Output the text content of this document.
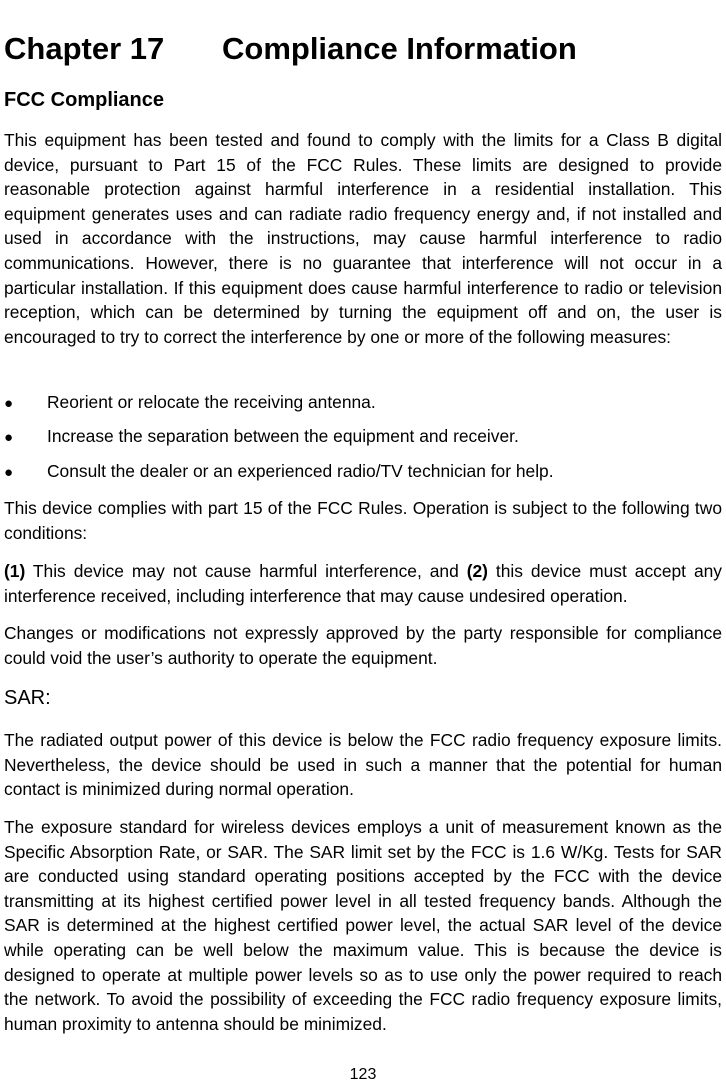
Chapter 17 Compliance Information
FCC Compliance
This equipment has been tested and found to comply with the limits for a Class B digital device, pursuant to Part 15 of the FCC Rules. These limits are designed to provide reasonable protection against harmful interference in a residential installation. This equipment generates uses and can radiate radio frequency energy and, if not installed and used in accordance with the instructions, may cause harmful interference to radio communications. However, there is no guarantee that interference will not occur in a particular installation. If this equipment does cause harmful interference to radio or television reception, which can be determined by turning the equipment off and on, the user is encouraged to try to correct the interference by one or more of the following measures:
● Reorient or relocate the receiving antenna.
● Increase the separation between the equipment and receiver.
● Consult the dealer or an experienced radio/TV technician for help.
This device complies with part 15 of the FCC Rules. Operation is subject to the following two conditions:
(1) This device may not cause harmful interference, and (2) this device must accept any interference received, including interference that may cause undesired operation.
Changes or modifications not expressly approved by the party responsible for compliance could void the user’s authority to operate the equipment.
SAR:
The radiated output power of this device is below the FCC radio frequency exposure limits. Nevertheless, the device should be used in such a manner that the potential for human contact is minimized during normal operation.
The exposure standard for wireless devices employs a unit of measurement known as the Specific Absorption Rate, or SAR. The SAR limit set by the FCC is 1.6 W/Kg. Tests for SAR are conducted using standard operating positions accepted by the FCC with the device transmitting at its highest certified power level in all tested frequency bands. Although the SAR is determined at the highest certified power level, the actual SAR level of the device while operating can be well below the maximum value. This is because the device is designed to operate at multiple power levels so as to use only the power required to reach the network. To avoid the possibility of exceeding the FCC radio frequency exposure limits, human proximity to antenna should be minimized.
123
